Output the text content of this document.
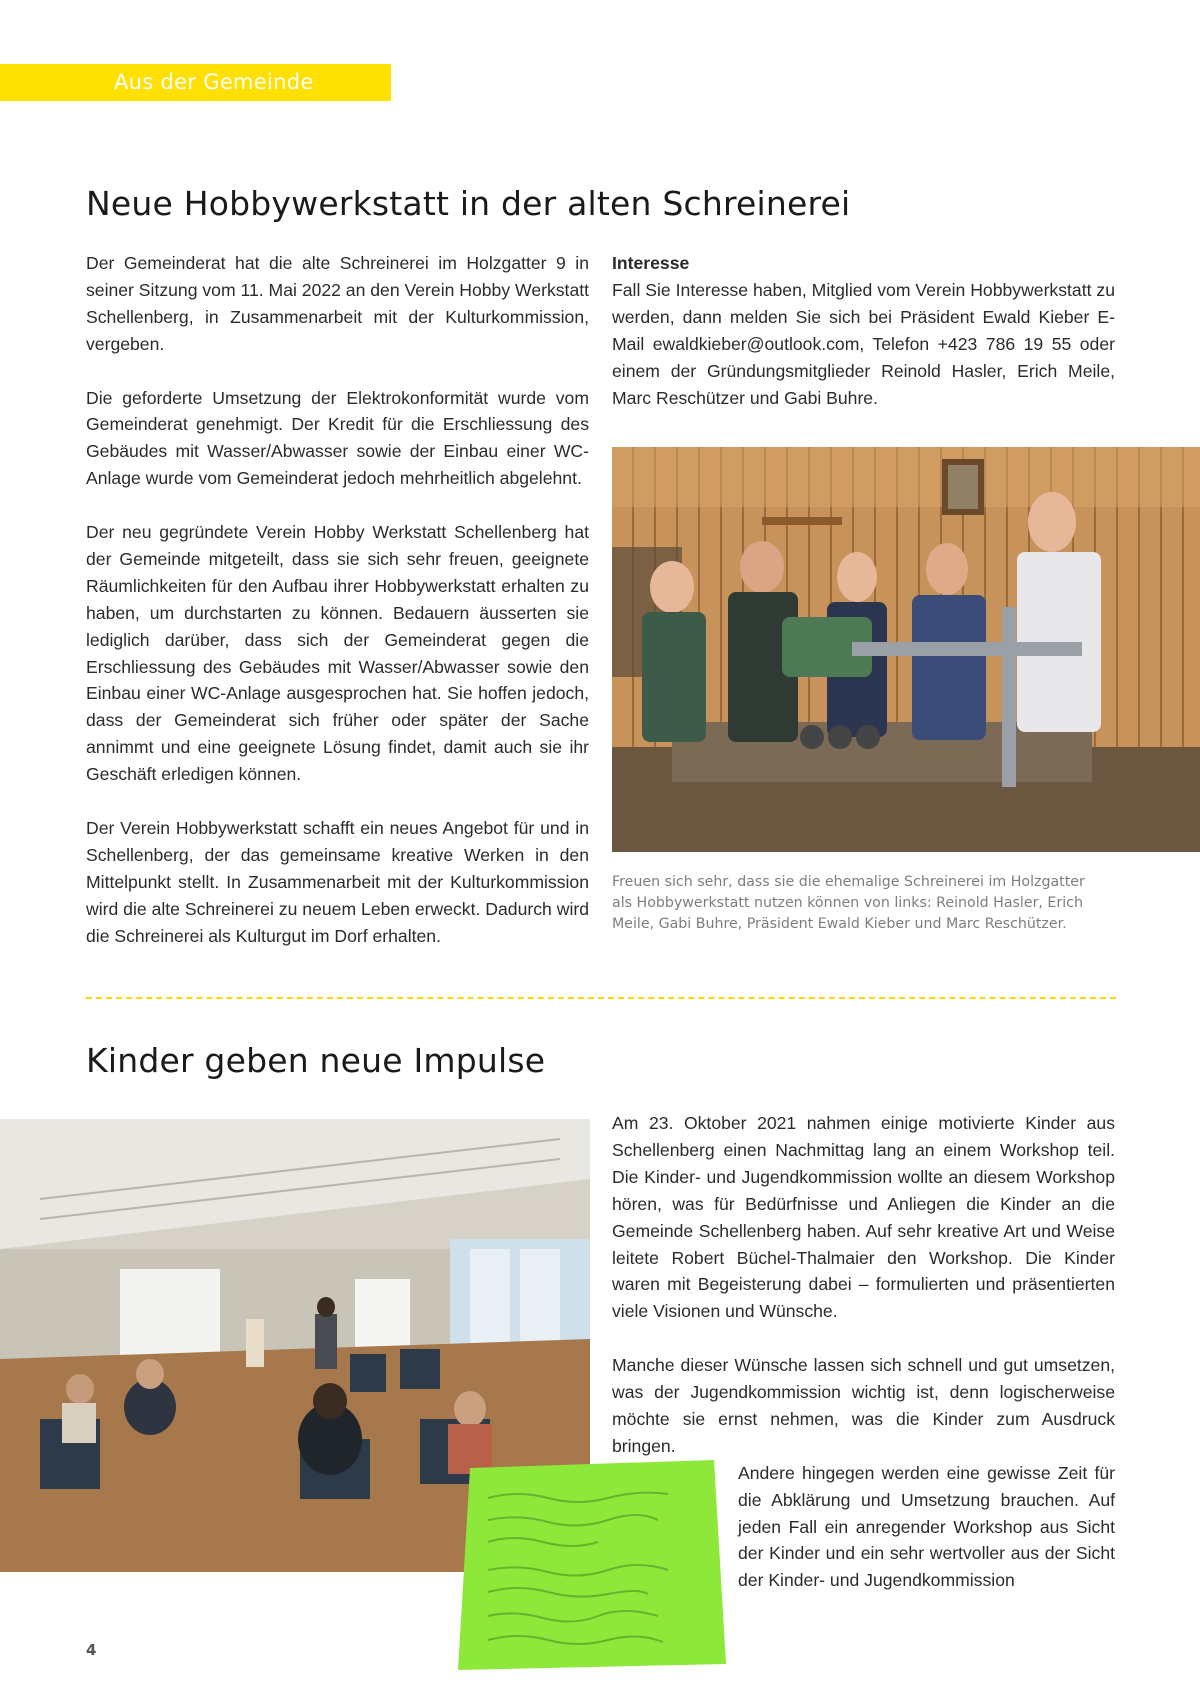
Aus der Gemeinde
Neue Hobbywerkstatt in der alten Schreinerei

Der Gemeinderat hat die alte Schreinerei im Holzgatter 9 in seiner Sitzung vom 11. Mai 2022 an den Verein Hobby Werkstatt Schellenberg, in Zusammenarbeit mit der Kulturkommission, vergeben.

Die geforderte Umsetzung der Elektrokonformität wurde vom Gemeinderat genehmigt. Der Kredit für die Erschliessung des Gebäudes mit Wasser/Abwasser sowie der Einbau einer WC-Anlage wurde vom Gemeinderat jedoch mehrheitlich abgelehnt.

Der neu gegründete Verein Hobby Werkstatt Schellenberg hat der Gemeinde mitgeteilt, dass sie sich sehr freuen, geeignete Räumlichkeiten für den Aufbau ihrer Hobbywerkstatt erhalten zu haben, um durchstarten zu können. Bedauern äusserten sie lediglich darüber, dass sich der Gemeinderat gegen die Erschliessung des Gebäudes mit Wasser/Abwasser sowie den Einbau einer WC-Anlage ausgesprochen hat. Sie hoffen jedoch, dass der Gemeinderat sich früher oder später der Sache annimmt und eine geeignete Lösung findet, damit auch sie ihr Geschäft erledigen können.

Der Verein Hobbywerkstatt schafft ein neues Angebot für und in Schellenberg, der das gemeinsame kreative Werken in den Mittelpunkt stellt. In Zusammenarbeit mit der Kulturkommission wird die alte Schreinerei zu neuem Leben erweckt. Dadurch wird die Schreinerei als Kulturgut im Dorf erhalten.

Interesse

Fall Sie Interesse haben, Mitglied vom Verein Hobbywerkstatt zu werden, dann melden Sie sich bei Präsident Ewald Kieber E-Mail ewaldkieber@outlook.com, Telefon +423 786 19 55 oder einem der Gründungsmitglieder Reinold Hasler, Erich Meile, Marc Reschützer und Gabi Buhre.

Freuen sich sehr, dass sie die ehemalige Schreinerei im Holzgatter als Hobbywerkstatt nutzen können von links: Reinold Hasler, Erich Meile, Gabi Buhre, Präsident Ewald Kieber und Marc Reschützer.
Kinder geben neue Impulse

Am 23. Oktober 2021 nahmen einige motivierte Kinder aus Schellenberg einen Nachmittag lang an einem Workshop teil. Die Kinder- und Jugendkommission wollte an diesem Workshop hören, was für Bedürfnisse und Anliegen die Kinder an die Gemeinde Schellenberg haben. Auf sehr kreative Art und Weise leitete Robert Büchel-Thalmaier den Workshop. Die Kinder waren mit Begeisterung dabei – formulierten und präsentierten viele Visionen und Wünsche.

Manche dieser Wünsche lassen sich schnell und gut umsetzen, was der Jugendkommission wichtig ist, denn logischerweise möchte sie ernst nehmen, was die Kinder zum Ausdruck bringen.

Andere hingegen werden eine gewisse Zeit für die Abklärung und Umsetzung brauchen. Auf jeden Fall ein anregender Workshop aus Sicht der Kinder und ein sehr wertvoller aus der Sicht der Kinder- und Jugendkommission
4
